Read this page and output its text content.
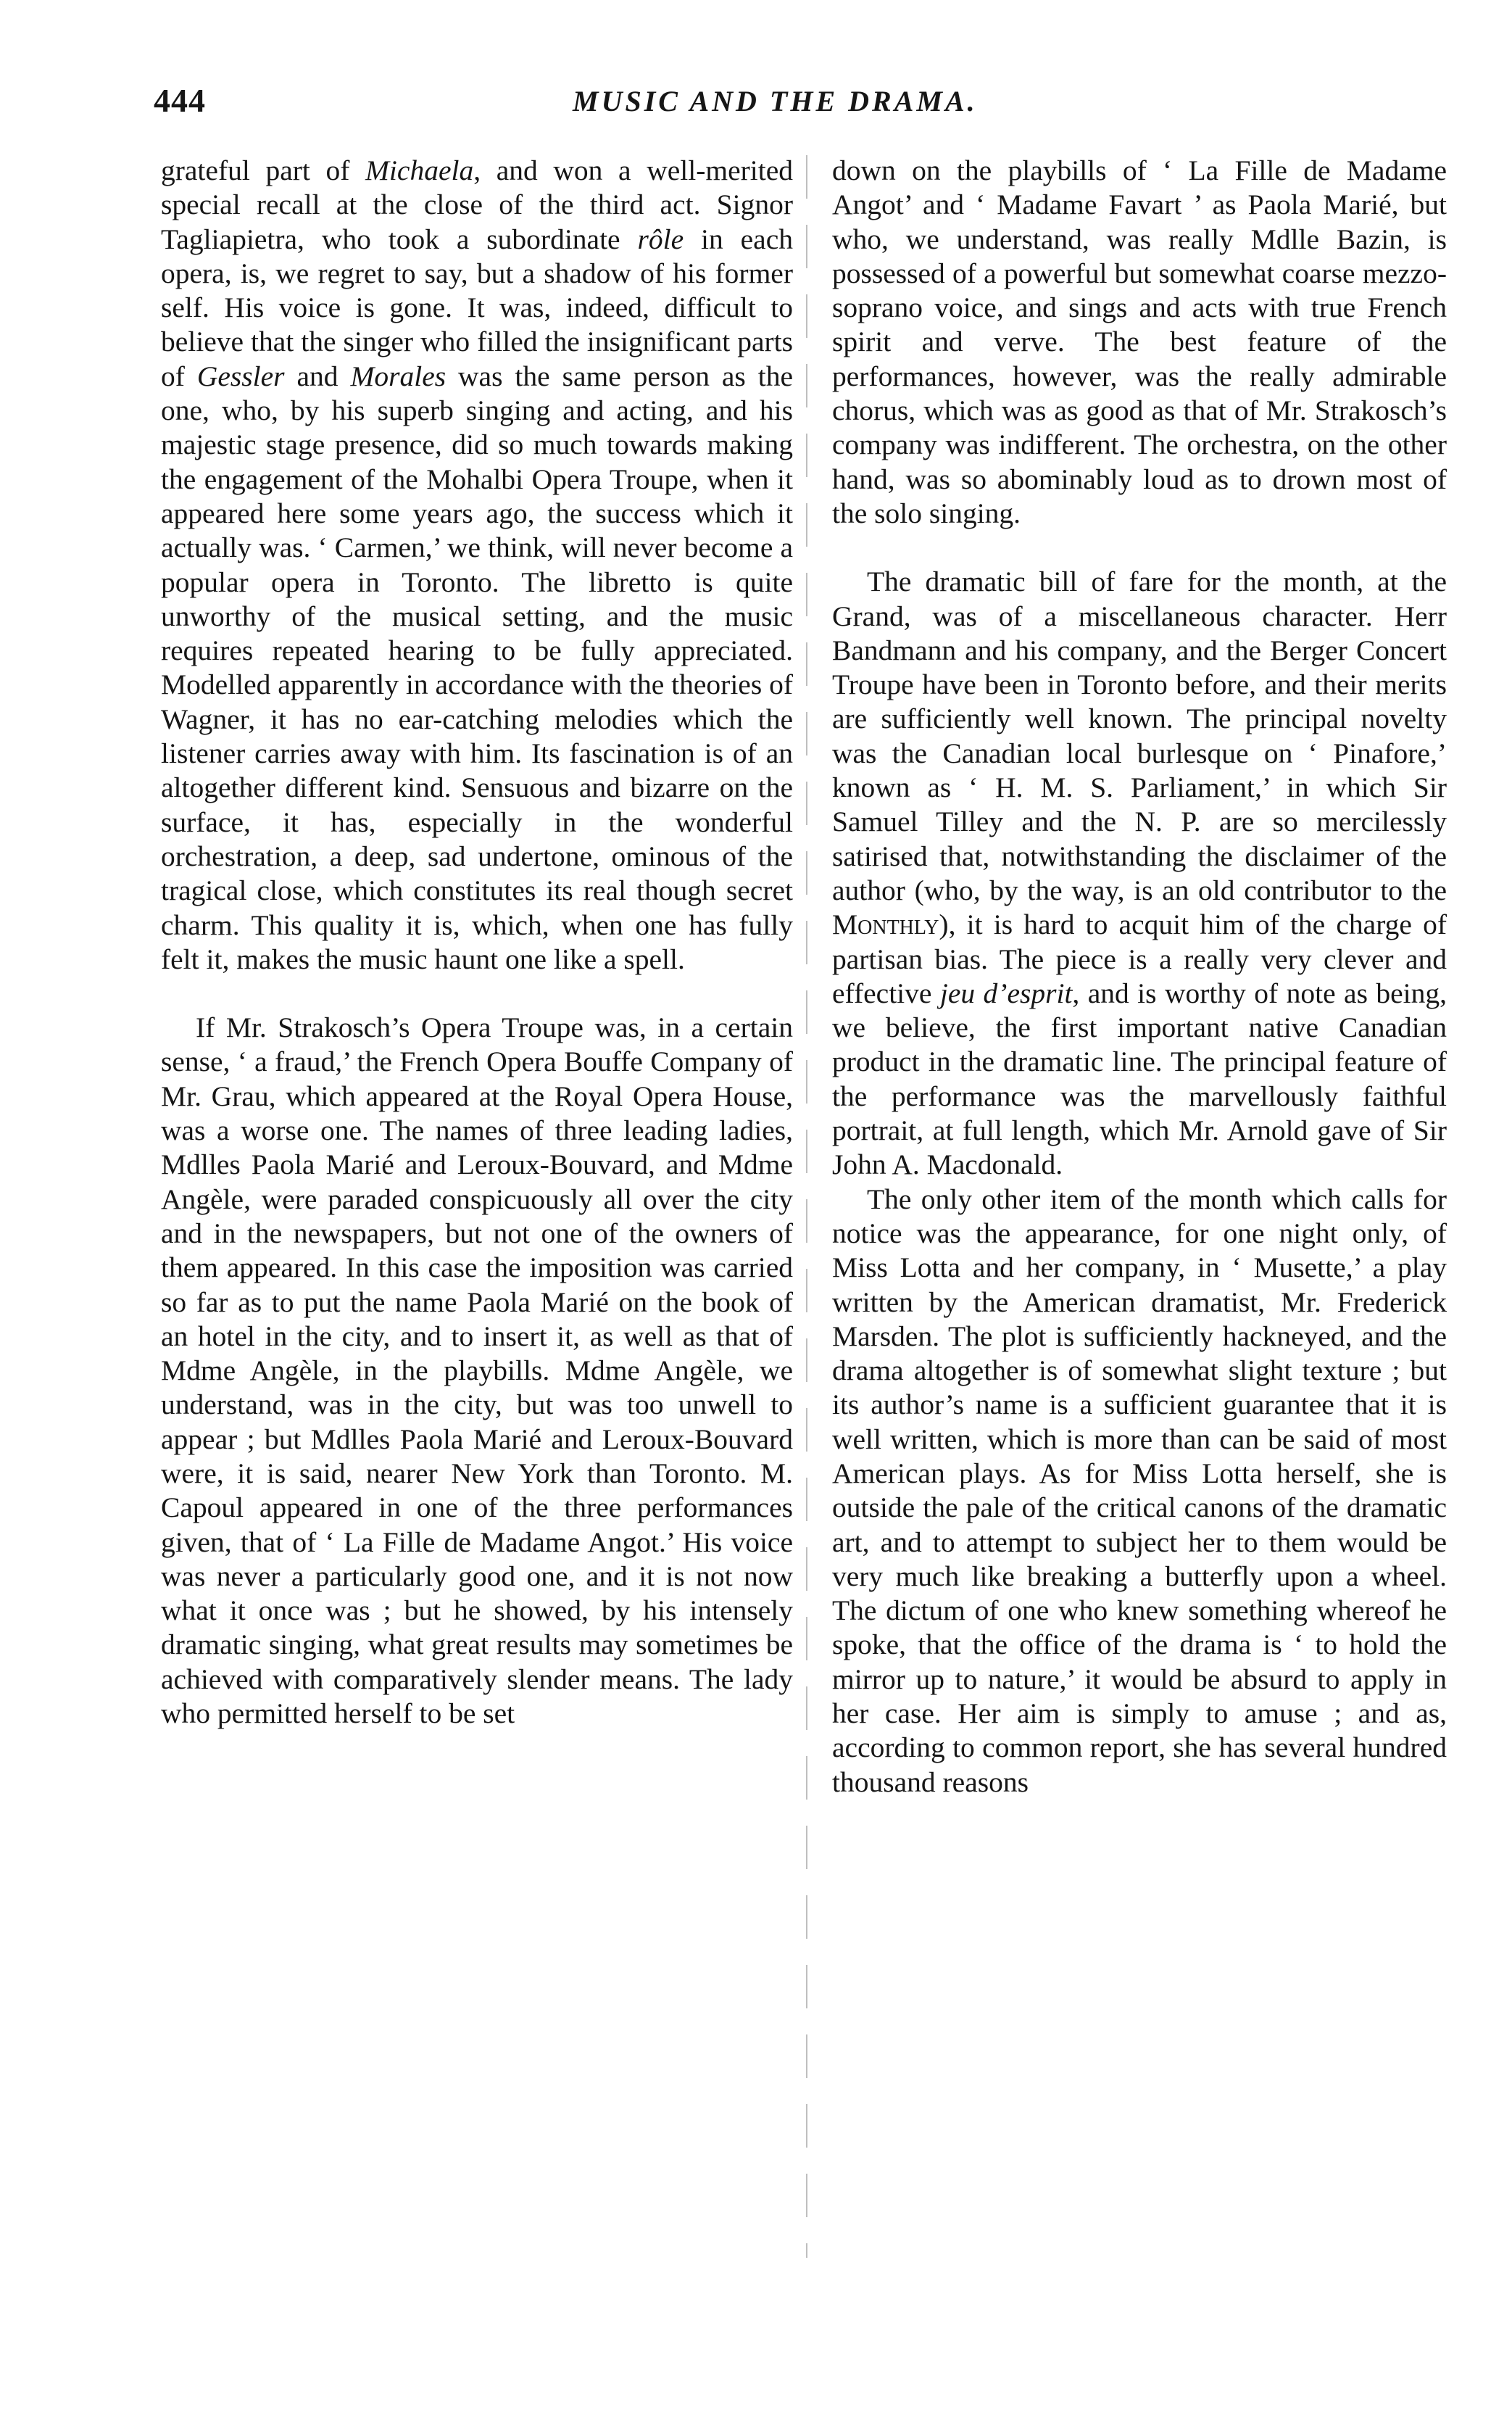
444	MUSIC AND THE DRAMA.

grateful part of Michaela, and won a well-merited special recall at the close of the third act. Signor Tagliapietra, who took a subordinate rôle in each opera, is, we regret to say, but a shadow of his former self. His voice is gone. It was, indeed, difficult to believe that the singer who filled the insignificant parts of Gessler and Morales was the same person as the one, who, by his superb singing and acting, and his majestic stage presence, did so much towards making the engagement of the Mohalbi Opera Troupe, when it appeared here some years ago, the success which it actually was. ‘ Carmen,’ we think, will never become a popular opera in Toronto. The libretto is quite unworthy of the musical setting, and the music requires repeated hearing to be fully appreciated. Modelled apparently in accordance with the theories of Wagner, it has no ear-catching melodies which the listener carries away with him. Its fascination is of an altogether different kind. Sensuous and bizarre on the surface, it has, especially in the wonderful orchestration, a deep, sad undertone, ominous of the tragical close, which constitutes its real though secret charm. This quality it is, which, when one has fully felt it, makes the music haunt one like a spell.

If Mr. Strakosch’s Opera Troupe was, in a certain sense, ‘ a fraud,’ the French Opera Bouffe Company of Mr. Grau, which appeared at the Royal Opera House, was a worse one. The names of three leading ladies, Mdlles Paola Marié and Leroux-Bouvard, and Mdme Angèle, were paraded conspicuously all over the city and in the newspapers, but not one of the owners of them appeared. In this case the imposition was carried so far as to put the name Paola Marié on the book of an hotel in the city, and to insert it, as well as that of Mdme Angèle, in the playbills. Mdme Angèle, we understand, was in the city, but was too unwell to appear ; but Mdlles Paola Marié and Leroux-Bouvard were, it is said, nearer New York than Toronto. M. Capoul appeared in one of the three performances given, that of ‘ La Fille de Madame Angot.’ His voice was never a particularly good one, and it is not now what it once was ; but he showed, by his intensely dramatic singing, what great results may sometimes be achieved with comparatively slender means. The lady who permitted herself to be set

down on the playbills of ‘ La Fille de Madame Angot’ and ‘ Madame Favart ’ as Paola Marié, but who, we understand, was really Mdlle Bazin, is possessed of a powerful but somewhat coarse mezzo-soprano voice, and sings and acts with true French spirit and verve. The best feature of the performances, however, was the really admirable chorus, which was as good as that of Mr. Strakosch’s company was indifferent. The orchestra, on the other hand, was so abominably loud as to drown most of the solo singing.

The dramatic bill of fare for the month, at the Grand, was of a miscellaneous character. Herr Bandmann and his company, and the Berger Concert Troupe have been in Toronto before, and their merits are sufficiently well known. The principal novelty was the Canadian local burlesque on ‘ Pinafore,’ known as ‘ H. M. S. Parliament,’ in which Sir Samuel Tilley and the N. P. are so mercilessly satirised that, notwithstanding the disclaimer of the author (who, by the way, is an old contributor to the Monthly), it is hard to acquit him of the charge of partisan bias. The piece is a really very clever and effective jeu d’esprit, and is worthy of note as being, we believe, the first important native Canadian product in the dramatic line. The principal feature of the performance was the marvellously faithful portrait, at full length, which Mr. Arnold gave of Sir John A. Macdonald.

The only other item of the month which calls for notice was the appearance, for one night only, of Miss Lotta and her company, in ‘ Musette,’ a play written by the American dramatist, Mr. Frederick Marsden. The plot is sufficiently hackneyed, and the drama altogether is of somewhat slight texture ; but its author’s name is a sufficient guarantee that it is well written, which is more than can be said of most American plays. As for Miss Lotta herself, she is outside the pale of the critical canons of the dramatic art, and to attempt to subject her to them would be very much like breaking a butterfly upon a wheel. The dictum of one who knew something whereof he spoke, that the office of the drama is ‘ to hold the mirror up to nature,’ it would be absurd to apply in her case. Her aim is simply to amuse ; and as, according to common report, she has several hundred thousand reasons
